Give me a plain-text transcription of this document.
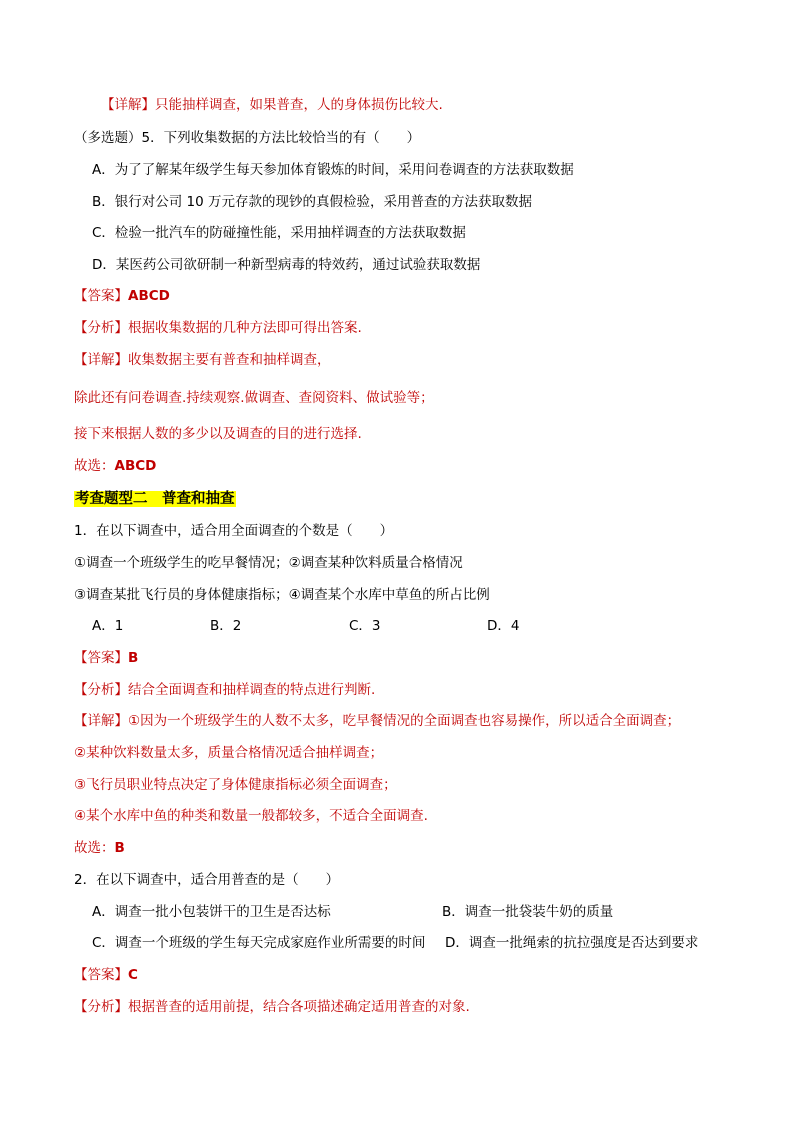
【详解】只能抽样调查，如果普查，人的身体损伤比较大.
（多选题）5．下列收集数据的方法比较恰当的有（　　）
A．为了了解某年级学生每天参加体育锻炼的时间，采用问卷调查的方法获取数据
B．银行对公司 10 万元存款的现钞的真假检验，采用普查的方法获取数据
C．检验一批汽车的防碰撞性能，采用抽样调查的方法获取数据
D．某医药公司欲研制一种新型病毒的特效药，通过试验获取数据
【答案】ABCD
【分析】根据收集数据的几种方法即可得出答案.
【详解】收集数据主要有普查和抽样调查，
除此还有问卷调查.持续观察.做调查、查阅资料、做试验等；
接下来根据人数的多少以及调查的目的进行选择.
故选：ABCD
考查题型二　普查和抽查
1．在以下调查中，适合用全面调查的个数是（　　）
①调查一个班级学生的吃早餐情况；②调查某种饮料质量合格情况
③调查某批飞行员的身体健康指标；④调查某个水库中草鱼的所占比例
A．1	B．2	C．3	D．4
【答案】B
【分析】结合全面调查和抽样调查的特点进行判断.
【详解】①因为一个班级学生的人数不太多，吃早餐情况的全面调查也容易操作，所以适合全面调查；
②某种饮料数量太多，质量合格情况适合抽样调查；
③飞行员职业特点决定了身体健康指标必须全面调查；
④某个水库中鱼的种类和数量一般都较多，不适合全面调查.
故选：B
2．在以下调查中，适合用普查的是（　　）
A．调查一批小包装饼干的卫生是否达标	B．调查一批袋装牛奶的质量
C．调查一个班级的学生每天完成家庭作业所需要的时间 D．调查一批绳索的抗拉强度是否达到要求
【答案】C
【分析】根据普查的适用前提，结合各项描述确定适用普查的对象.
